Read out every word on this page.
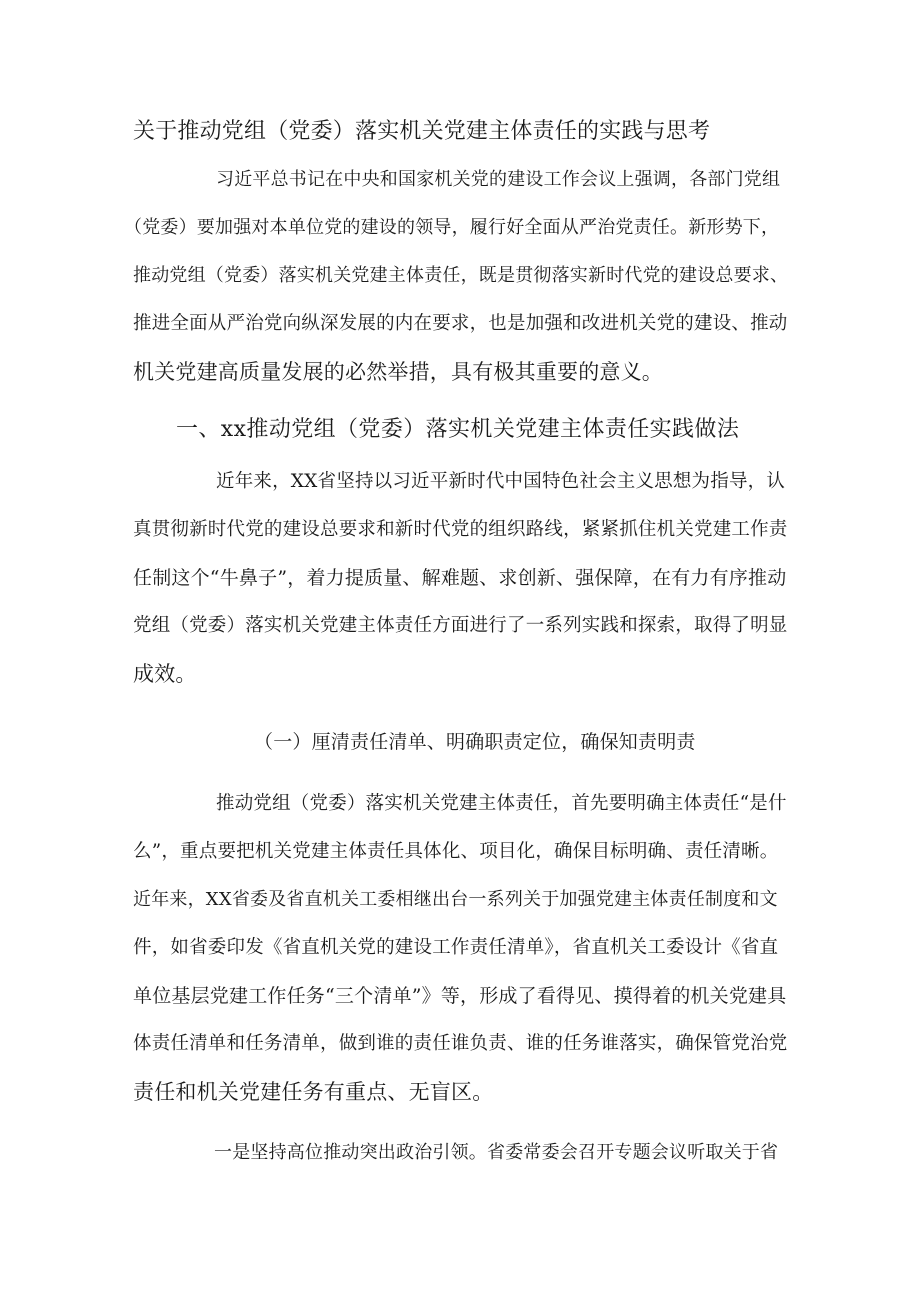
关于推动党组（党委）落实机关党建主体责任的实践与思考
习近平总书记在中央和国家机关党的建设工作会议上强调，各部门党组
（党委）要加强对本单位党的建设的领导，履行好全面从严治党责任。新形势下，
推动党组（党委）落实机关党建主体责任，既是贯彻落实新时代党的建设总要求、
推进全面从严治党向纵深发展的内在要求，也是加强和改进机关党的建设、推动
机关党建高质量发展的必然举措，具有极其重要的意义。
一、xx推动党组（党委）落实机关党建主体责任实践做法
近年来，XX省坚持以习近平新时代中国特色社会主义思想为指导，认
真贯彻新时代党的建设总要求和新时代党的组织路线，紧紧抓住机关党建工作责
任制这个“牛鼻子”，着力提质量、解难题、求创新、强保障，在有力有序推动
党组（党委）落实机关党建主体责任方面进行了一系列实践和探索，取得了明显
成效。
（一）厘清责任清单、明确职责定位，确保知责明责
推动党组（党委）落实机关党建主体责任，首先要明确主体责任“是什
么”，重点要把机关党建主体责任具体化、项目化，确保目标明确、责任清晰。
近年来，XX省委及省直机关工委相继出台一系列关于加强党建主体责任制度和文
件，如省委印发《省直机关党的建设工作责任清单》，省直机关工委设计《省直
单位基层党建工作任务“三个清单”》等，形成了看得见、摸得着的机关党建具
体责任清单和任务清单，做到谁的责任谁负责、谁的任务谁落实，确保管党治党
责任和机关党建任务有重点、无盲区。
一是坚持高位推动突出政治引领。省委常委会召开专题会议听取关于省
